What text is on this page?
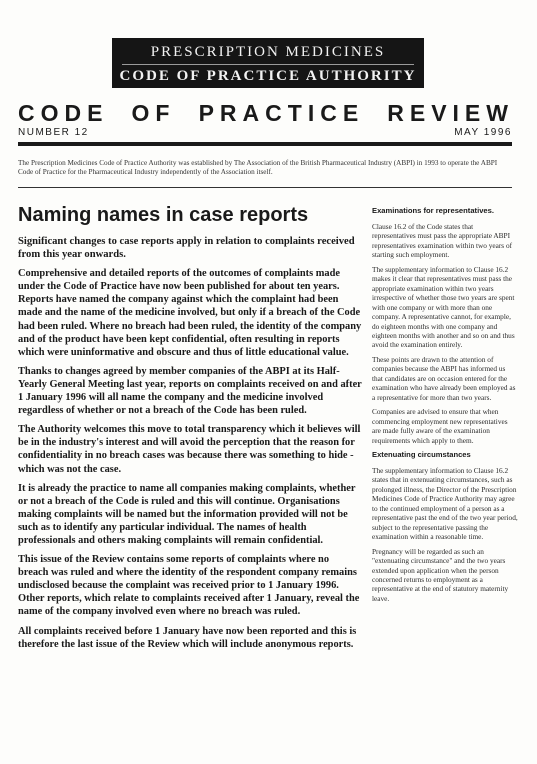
PRESCRIPTION MEDICINES
CODE OF PRACTICE AUTHORITY
CODE OF PRACTICE REVIEW
NUMBER 12	MAY 1996
The Prescription Medicines Code of Practice Authority was established by The Association of the British Pharmaceutical Industry (ABPI) in 1993 to operate the ABPI Code of Practice for the Pharmaceutical Industry independently of the Association itself.
Naming names in case reports

Significant changes to case reports apply in relation to complaints received from this year onwards.

Comprehensive and detailed reports of the outcomes of complaints made under the Code of Practice have now been published for about ten years. Reports have named the company against which the complaint had been made and the name of the medicine involved, but only if a breach of the Code had been ruled. Where no breach had been ruled, the identity of the company and of the product have been kept confidential, often resulting in reports which were uninformative and obscure and thus of little educational value.

Thanks to changes agreed by member companies of the ABPI at its Half-Yearly General Meeting last year, reports on complaints received on and after 1 January 1996 will all name the company and the medicine involved regardless of whether or not a breach of the Code has been ruled.

The Authority welcomes this move to total transparency which it believes will be in the industry's interest and will avoid the perception that the reason for confidentiality in no breach cases was because there was something to hide - which was not the case.

It is already the practice to name all companies making complaints, whether or not a breach of the Code is ruled and this will continue. Organisations making complaints will be named but the information provided will not be such as to identify any particular individual. The names of health professionals and others making complaints will remain confidential.

This issue of the Review contains some reports of complaints where no breach was ruled and where the identity of the respondent company remains undisclosed because the complaint was received prior to 1 January 1996. Other reports, which relate to complaints received after 1 January, reveal the name of the company involved even where no breach was ruled.

All complaints received before 1 January have now been reported and this is therefore the last issue of the Review which will include anonymous reports.

Examinations for representatives.

Clause 16.2 of the Code states that representatives must pass the appropriate ABPI representatives examination within two years of starting such employment.

The supplementary information to Clause 16.2 makes it clear that representatives must pass the appropriate examination within two years irrespective of whether those two years are spent with one company or with more than one company. A representative cannot, for example, do eighteen months with one company and eighteen months with another and so on and thus avoid the examination entirely.

These points are drawn to the attention of companies because the ABPI has informed us that candidates are on occasion entered for the examination who have already been employed as a representative for more than two years.

Companies are advised to ensure that when commencing employment new representatives are made fully aware of the examination requirements which apply to them.

Extenuating circumstances

The supplementary information to Clause 16.2 states that in extenuating circumstances, such as prolonged illness, the Director of the Prescription Medicines Code of Practice Authority may agree to the continued employment of a person as a representative past the end of the two year period, subject to the representative passing the examination within a reasonable time.

Pregnancy will be regarded as such an "extenuating circumstance" and the two years extended upon application when the person concerned returns to employment as a representative at the end of statutory maternity leave.
